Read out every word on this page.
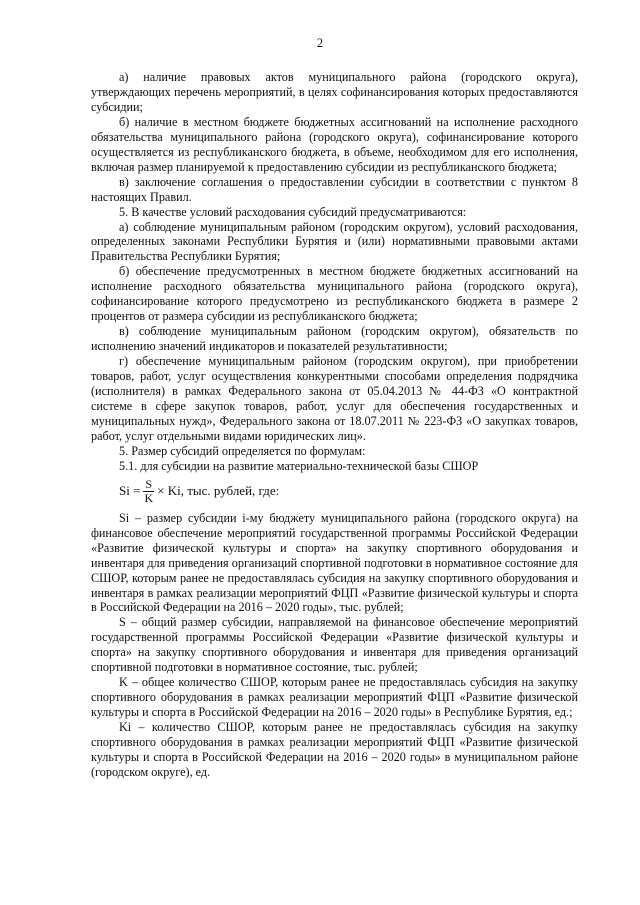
2

а) наличие правовых актов муниципального района (городского округа), утверждающих перечень мероприятий, в целях софинансирования которых предоставляются субсидии;

б) наличие в местном бюджете бюджетных ассигнований на исполнение расходного обязательства муниципального района (городского округа), софинансирование которого осуществляется из республиканского бюджета, в объеме, необходимом для его исполнения, включая размер планируемой к предоставлению субсидии из республиканского бюджета;

в) заключение соглашения о предоставлении субсидии в соответствии с пунктом 8 настоящих Правил.

5. В качестве условий расходования субсидий предусматриваются:

а) соблюдение муниципальным районом (городским округом), условий расходования, определенных законами Республики Бурятия и (или) нормативными правовыми актами Правительства Республики Бурятия;

б) обеспечение предусмотренных в местном бюджете бюджетных ассигнований на исполнение расходного обязательства муниципального района (городского округа), софинансирование которого предусмотрено из республиканского бюджета в размере 2 процентов от размера субсидии из республиканского бюджета;

в) соблюдение муниципальным районом (городским округом), обязательств по исполнению значений индикаторов и показателей результативности;

г) обеспечение муниципальным районом (городским округом), при приобретении товаров, работ, услуг осуществления конкурентными способами определения подрядчика (исполнителя) в рамках Федерального закона от 05.04.2013 № 44-ФЗ «О контрактной системе в сфере закупок товаров, работ, услуг для обеспечения государственных и муниципальных нужд», Федерального закона от 18.07.2011 № 223-ФЗ «О закупках товаров, работ, услуг отдельными видами юридических лиц».

5. Размер субсидий определяется по формулам:

5.1. для субсидии на развитие материально-технической базы СШОР

$Si = \frac{S}{K} \times Ki$, тыс. рублей, где:

Si – размер субсидии i-му бюджету муниципального района (городского округа) на финансовое обеспечение мероприятий государственной программы Российской Федерации «Развитие физической культуры и спорта» на закупку спортивного оборудования и инвентаря для приведения организаций спортивной подготовки в нормативное состояние для СШОР, которым ранее не предоставлялась субсидия на закупку спортивного оборудования и инвентаря в рамках реализации мероприятий ФЦП «Развитие физической культуры и спорта в Российской Федерации на 2016 – 2020 годы», тыс. рублей;

S – общий размер субсидии, направляемой на финансовое обеспечение мероприятий государственной программы Российской Федерации «Развитие физической культуры и спорта» на закупку спортивного оборудования и инвентаря для приведения организаций спортивной подготовки в нормативное состояние, тыс. рублей;

K – общее количество СШОР, которым ранее не предоставлялась субсидия на закупку спортивного оборудования в рамках реализации мероприятий ФЦП «Развитие физической культуры и спорта в Российской Федерации на 2016 – 2020 годы» в Республике Бурятия, ед.;

Ki – количество СШОР, которым ранее не предоставлялась субсидия на закупку спортивного оборудования в рамках реализации мероприятий ФЦП «Развитие физической культуры и спорта в Российской Федерации на 2016 – 2020 годы» в муниципальном районе (городском округе), ед.
